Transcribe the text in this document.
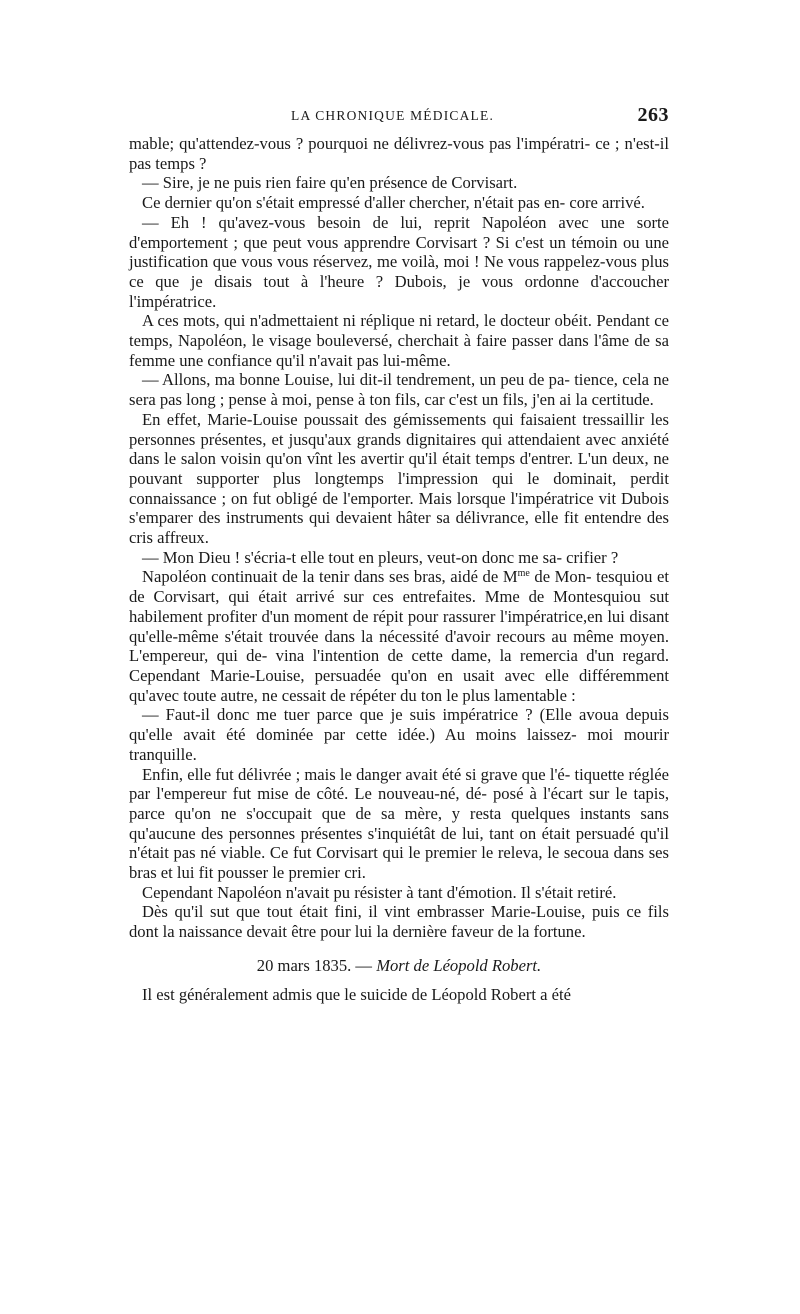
LA CHRONIQUE MÉDICALE.	263

mable; qu'attendez-vous ? pourquoi ne délivrez-vous pas l'impératri- ce ; n'est-il pas temps ?

— Sire, je ne puis rien faire qu'en présence de Corvisart.

Ce dernier qu'on s'était empressé d'aller chercher, n'était pas en- core arrivé.

— Eh ! qu'avez-vous besoin de lui, reprit Napoléon avec une sorte d'emportement ; que peut vous apprendre Corvisart ? Si c'est un témoin ou une justification que vous vous réservez, me voilà, moi ! Ne vous rappelez-vous plus ce que je disais tout à l'heure ? Dubois, je vous ordonne d'accoucher l'impératrice.

A ces mots, qui n'admettaient ni réplique ni retard, le docteur obéit. Pendant ce temps, Napoléon, le visage bouleversé, cherchait à faire passer dans l'âme de sa femme une confiance qu'il n'avait pas lui-même.

— Allons, ma bonne Louise, lui dit-il tendrement, un peu de pa- tience, cela ne sera pas long ; pense à moi, pense à ton fils, car c'est un fils, j'en ai la certitude.

En effet, Marie-Louise poussait des gémissements qui faisaient tressaillir les personnes présentes, et jusqu'aux grands dignitaires qui attendaient avec anxiété dans le salon voisin qu'on vînt les avertir qu'il était temps d'entrer. L'un deux, ne pouvant supporter plus longtemps l'impression qui le dominait, perdit connaissance ; on fut obligé de l'emporter. Mais lorsque l'impératrice vit Dubois s'emparer des instruments qui devaient hâter sa délivrance, elle fit entendre des cris affreux.

— Mon Dieu ! s'écria-t elle tout en pleurs, veut-on donc me sa- crifier ?

Napoléon continuait de la tenir dans ses bras, aidé de $M^{me}$ de Mon- tesquiou et de Corvisart, qui était arrivé sur ces entrefaites. Mme de Montesquiou sut habilement profiter d'un moment de répit pour rassurer l'impératrice,en lui disant qu'elle-même s'était trouvée dans la nécessité d'avoir recours au même moyen. L'empereur, qui de- vina l'intention de cette dame, la remercia d'un regard. Cependant Marie-Louise, persuadée qu'on en usait avec elle différemment qu'avec toute autre, ne cessait de répéter du ton le plus lamentable :

— Faut-il donc me tuer parce que je suis impératrice ? (Elle avoua depuis qu'elle avait été dominée par cette idée.) Au moins laissez- moi mourir tranquille.

Enfin, elle fut délivrée ; mais le danger avait été si grave que l'é- tiquette réglée par l'empereur fut mise de côté. Le nouveau-né, dé- posé à l'écart sur le tapis, parce qu'on ne s'occupait que de sa mère, y resta quelques instants sans qu'aucune des personnes présentes s'inquiétât de lui, tant on était persuadé qu'il n'était pas né viable. Ce fut Corvisart qui le premier le releva, le secoua dans ses bras et lui fit pousser le premier cri.

Cependant Napoléon n'avait pu résister à tant d'émotion. Il s'était retiré.

Dès qu'il sut que tout était fini, il vint embrasser Marie-Louise, puis ce fils dont la naissance devait être pour lui la dernière faveur de la fortune.

20 mars 1835. — Mort de Léopold Robert.

Il est généralement admis que le suicide de Léopold Robert a été
